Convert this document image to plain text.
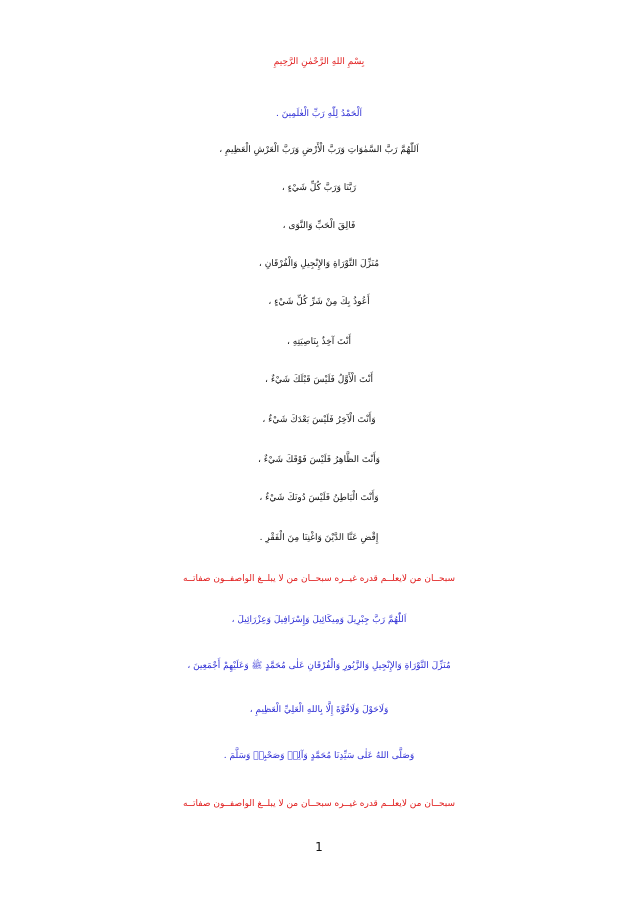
بِسْمِ اللهِ الرَّحْمٰنِ الرَّحِيمِ
اَلْحَمْدُ لِلّٰهِ رَبِّ الْعٰلَمِينَ .
اَللّٰهُمَّ رَبَّ السَّمٰوَاتِ وَرَبَّ الْأَرْضِ وَرَبَّ الْعَرْشِ الْعَظِيمِ ،
رَبَّنَا وَرَبَّ كُلِّ شَيْءٍ ،
فَالِقَ الْحَبِّ وَالنَّوَى ،
مُنَزِّلَ التَّوْرَاةِ وَالإِنْجِيلِ وَالْفُرْقَانِ ،
أَعُوذُ بِكَ مِنْ شَرِّ كُلِّ شَيْءٍ ،
أَنْتَ آخِذٌ بِنَاصِيَتِهِ ،
أَنْتَ الْأَوَّلُ فَلَيْسَ قَبْلَكَ شَيْءٌ ،
وَأَنْتَ الْآخِرُ فَلَيْسَ بَعْدَكَ شَيْءٌ ،
وَأَنْتَ الظَّاهِرُ فَلَيْسَ فَوْقَكَ شَيْءٌ ،
وَأَنْتَ الْبَاطِنُ فَلَيْسَ دُونَكَ شَيْءٌ ،
إِقْضِ عَنَّا الدَّيْنَ وَاغْنِنَا مِنَ الْفَقْرِ .
سبحــان من لايعلــم قدره غيــره سبحــان من لا يبلــغ الواصفــون صفاتــه
اَللّٰهُمَّ رَبَّ جِبْرِيلَ وَمِيكَائِيلَ وَإِسْرَافِيلَ وَعِزْرَائِيلَ ،
مُنَزِّلَ التَّوْرَاةِ وَالإِنْجِيلِ وَالزَّبُورِ وَالْفُرْقَانِ عَلٰى مُحَمَّدٍ ﷺ وَعَلَيْهِمْ أَجْمَعِينَ ،
وَلَاحَوْلَ وَلَاقُوَّةَ إِلَّا بِاللهِ الْعَلِيِّ الْعَظِيمِ ،
وَصَلَّى اللهُ عَلٰى سَيِّدِنَا مُحَمَّدٍ وَآلِهٖ وَصَحْبِهٖ وَسَلَّمَ .
سبحــان من لايعلــم قدره غيــره سبحــان من لا يبلــغ الواصفــون صفاتــه
1
